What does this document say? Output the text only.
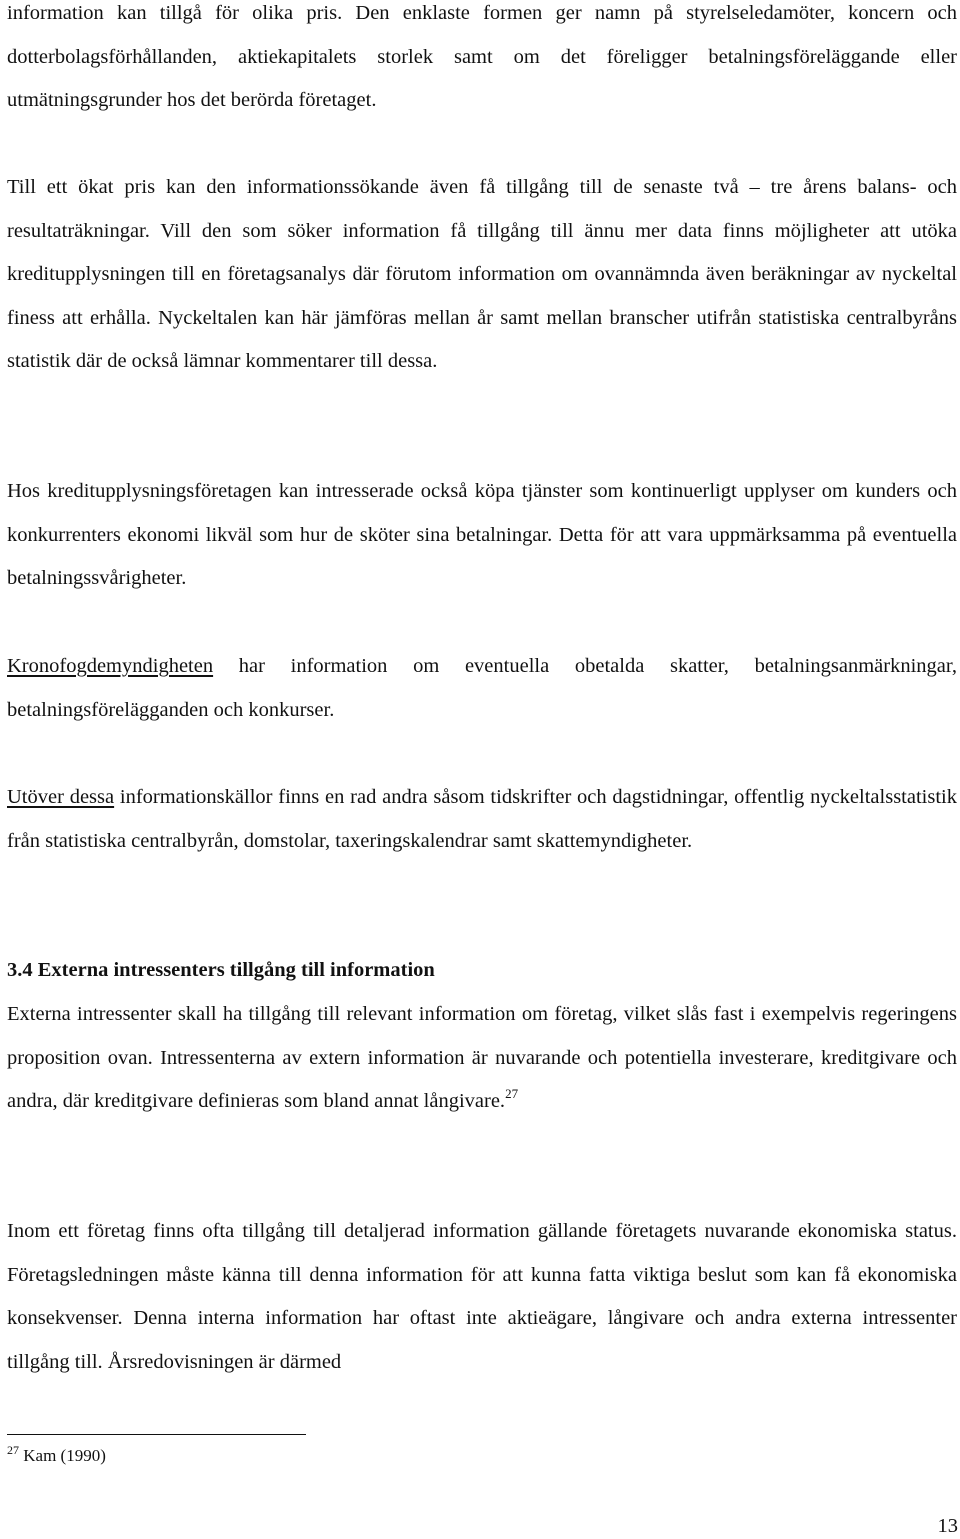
information kan tillgå för olika pris. Den enklaste formen ger namn på styrelseledamöter, koncern och dotterbolagsförhållanden, aktiekapitalets storlek samt om det föreligger betalningsföreläggande eller utmätningsgrunder hos det berörda företaget.

Till ett ökat pris kan den informationssökande även få tillgång till de senaste två – tre årens balans- och resultaträkningar. Vill den som söker information få tillgång till ännu mer data finns möjligheter att utöka kreditupplysningen till en företagsanalys där förutom information om ovannämnda även beräkningar av nyckeltal finess att erhålla. Nyckeltalen kan här jämföras mellan år samt mellan branscher utifrån statistiska centralbyråns statistik där de också lämnar kommentarer till dessa.

Hos kreditupplysningsföretagen kan intresserade också köpa tjänster som kontinuerligt upplyser om kunders och konkurrenters ekonomi likväl som hur de sköter sina betalningar. Detta för att vara uppmärksamma på eventuella betalningssvårigheter.

Kronofogdemyndigheten har information om eventuella obetalda skatter, betalningsanmärkningar, betalningsförelägganden och konkurser.

Utöver dessa informationskällor finns en rad andra såsom tidskrifter och dagstidningar, offentlig nyckeltalsstatistik från statistiska centralbyrån, domstolar, taxeringskalendrar samt skattemyndigheter.

3.4 Externa intressenters tillgång till information

Externa intressenter skall ha tillgång till relevant information om företag, vilket slås fast i exempelvis regeringens proposition ovan. Intressenterna av extern information är nuvarande och potentiella investerare, kreditgivare och andra, där kreditgivare definieras som bland annat långivare.$^{27}$

Inom ett företag finns ofta tillgång till detaljerad information gällande företagets nuvarande ekonomiska status. Företagsledningen måste känna till denna information för att kunna fatta viktiga beslut som kan få ekonomiska konsekvenser. Denna interna information har oftast inte aktieägare, långivare och andra externa intressenter tillgång till. Årsredovisningen är därmed

$^{27}$ Kam (1990)
13
